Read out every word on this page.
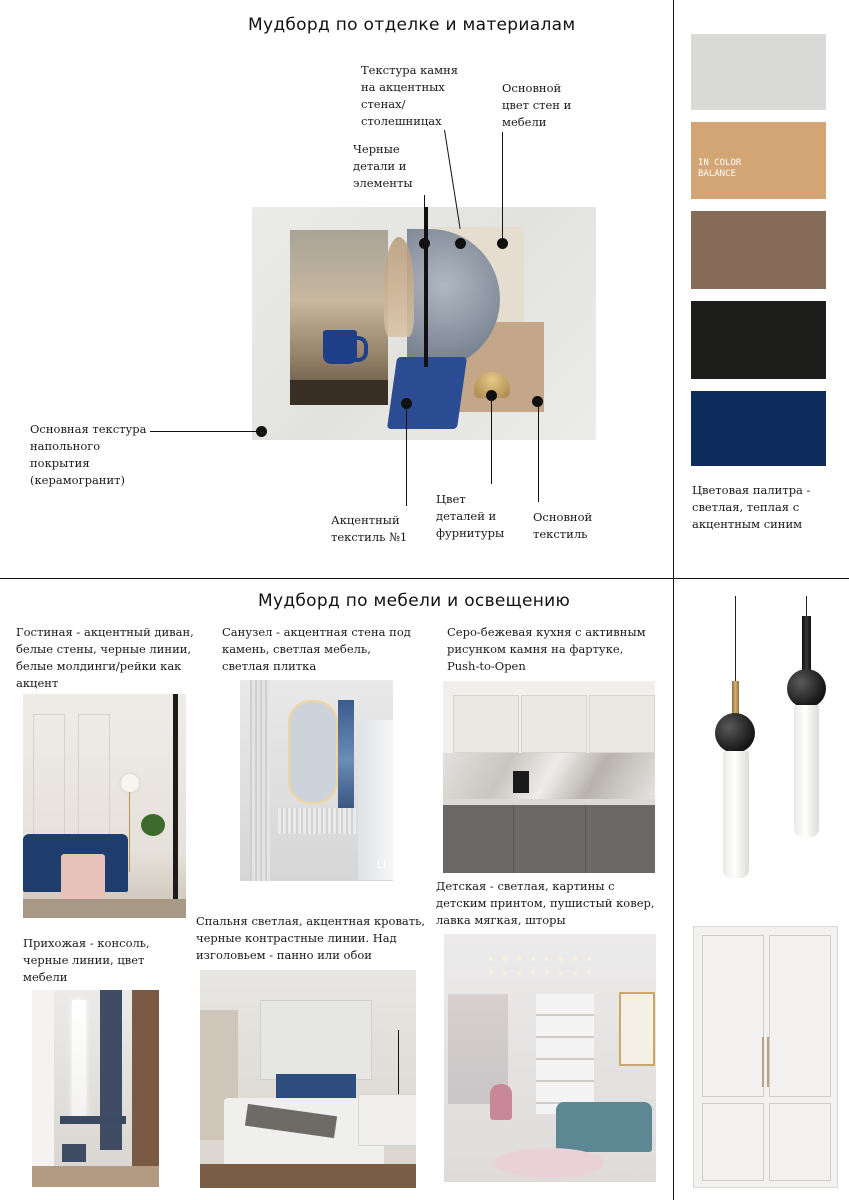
Мудборд по отделке и материалам
Текстура камня на акцентных стенах/ столешницах
Основной цвет стен и мебели
Черные детали и элементы
Основная текстура напольного покрытия (керамогранит)
Акцентный текстиль №1
Цвет деталей и фурнитуры
Основной текстиль
IN COLOR BALANCE
Цветовая палитра - светлая, теплая с акцентным синим
Мудборд по мебели и освещению
Гостиная - акцентный диван, белые стены, черные линии, белые молдинги/рейки как акцент
Санузел - акцентная стена под камень, светлая мебель, светлая плитка
LI
Серо-бежевая кухня с активным рисунком камня на фартуке, Push-to-Open
Детская - светлая, картины с детским принтом, пушистый ковер, лавка мягкая, шторы
Спальня светлая, акцентная кровать, черные контрастные линии. Над изголовьем - панно или обои
Прихожая - консоль, черные линии, цвет мебели
